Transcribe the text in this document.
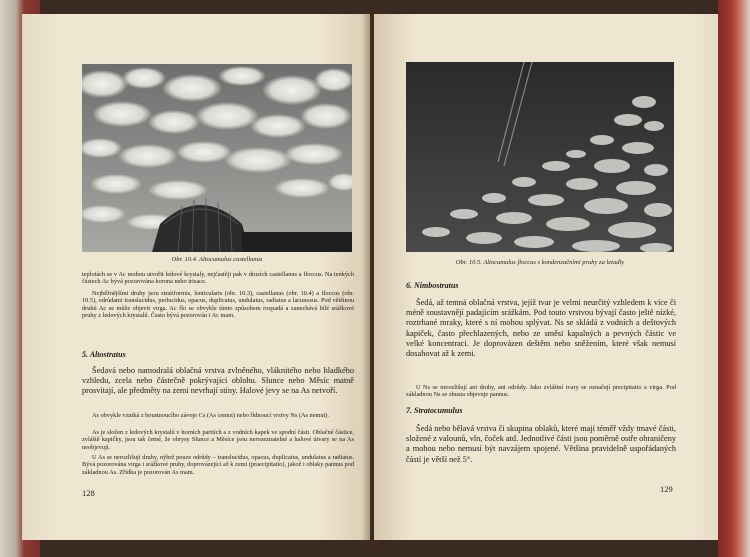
Obr. 10.4. Altocumulus castellanus
teplotách se v Ac mohou utvořit ledové krystaly, nejčastěji pak v druzích castellanus a floccus. Na tenkých částech Ac bývá pozorována korona nebo irisace.

Nejběžnějšími druhy jsou stratiformis, lenticularis (obr. 10.3), castellanus (obr. 10.4) a floccus (obr. 10.5), odrůdami translucidus, perlucidus, opacus, duplicatus, undulatus, radiatus a lacunosus. Pod většinou druhů Ac se může objevit virga. Ac flo se obvykle tímto způsobem rozpadá a zanechává bílé srážkové pruhy z ledových krystalů. Často bývá pozorován i Ac mam.

5. Altostratus

Šedavá nebo namodralá oblačná vrstva zvlněného, vláknitého nebo hladkého vzhledu, zcela nebo částečně pokrývající oblohu. Slunce nebo Měsíc matně prosvítají, ale předměty na zemi nevrhají stíny. Halové jevy se na As netvoří.

As obvykle vzniká z houstnoucího závoje Cs (As cemut) nebo řídnoucí vrstvy Ns (As nemut).

As je složen z ledových krystalů v horních partiích a z vodních kapek ve spodní části. Oblačné částice, zvláště kapičky, jsou tak četné, že obrysy Slunce a Měsíce jsou nerozeznatelné a halové útvary se na As neobjevují.

U As se nerozlišují druhy, nýbrž pouze odrůdy – translucidus, opacus, duplicatus, undulatus a radiatus. Bývá pozorována virga i srážkové pruhy, doprovázející až k zemi (praecipitatio), jakož i oblaky pannus pod základnou As. Zřídka je pozorován As mam.

128
Obr. 10.5. Altocumulus floccus s kondenzačními pruhy za letadly
6. Nimbostratus

Šedá, až temná oblačná vrstva, jejíž tvar je velmi neurčitý vzhledem k více či méně soustavnějí padajícím srážkám. Pod touto vrstvou bývají často ještě nízké, roztrhané mraky, které s ní mohou splývat. Ns se skládá z vodních a deštových kapiček, často přechlazených, nebo ze směsi kapalných a pevných částic ve velké koncentraci. Je doprovázen deštěm nebo sněžením, které však nemusí dosahovat až k zemi.

U Ns se nerozlišují ani druhy, ani odrůdy. Jako zvláštní tvary se označují precipitatio a virga. Pod základnou Ns se zhusta objevuje pannus.

7. Stratocumulus

Šedá nebo bělavá vrstva či skupina oblaků, které mají téměř vždy tmavé části, složené z valounů, vln, čoček atd. Jednotlivé části jsou poměrně ostře ohraničeny a mohou nebo nemusí být navzájem spojené. Většina pravidelně uspořádaných částí je větší než 5°.

129
